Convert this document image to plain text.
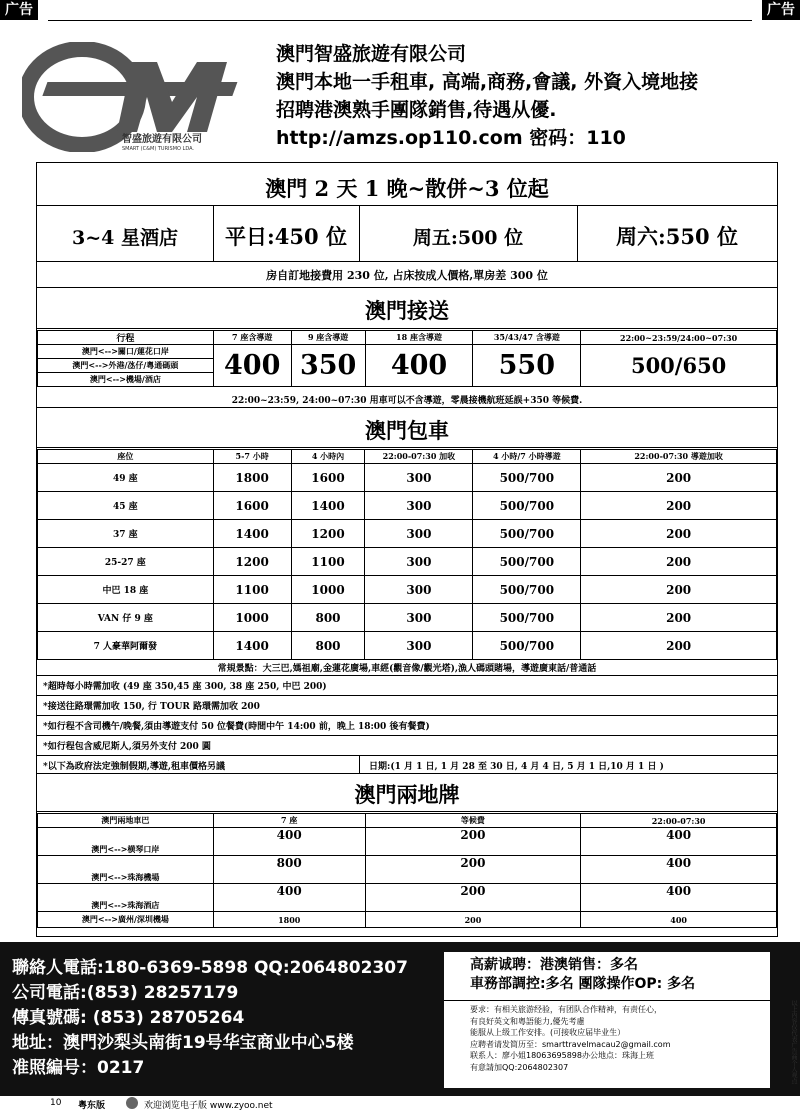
广告	广告
智盛旅遊有限公司
SMART (C&M) TURISMO LDA.
澳門智盛旅遊有限公司
澳門本地一手租車, 高端,商務,會議, 外資入境地接
招聘港澳熟手團隊銷售,待遇从優.
http://amzs.op110.com 密码：110
澳門 2 天 1 晚~散併~3 位起
3~4 星酒店	平日:450 位	周五:500 位	周六:550 位
房自訂地接費用 230 位, 占床按成人價格,單房差 300 位
澳門接送
行程	7 座含導遊	9 座含導遊	18 座含導遊	35/43/47 含導遊	22:00~23:59/24:00~07:30
澳門<-->關口/蓮花口岸	400	350	400	550	500/650
澳門<-->外港/氹仔/粵通碼頭					
澳門<-->機場/酒店					
22:00~23:59, 24:00~07:30 用車可以不含導遊，零晨接機航班延誤+350 等候費.
澳門包車
座位	5-7 小時	4 小時內	22:00-07:30 加收	4 小時/7 小時導遊	22:00-07:30 導遊加收
49 座	1800	1600	300	500/700	200
45 座	1600	1400	300	500/700	200
37 座	1400	1200	300	500/700	200
25-27 座	1200	1100	300	500/700	200
中巴 18 座	1100	1000	300	500/700	200
VAN 仔 9 座	1000	800	300	500/700	200
7 人豪華阿爾發	1400	800	300	500/700	200
常規景點：大三巴,媽祖廟,金蓮花廣場,車經(觀音像/觀光塔),漁人碼頭賭場，導遊廣東話/普通話
*超時每小時需加收 (49 座 350,45 座 300, 38 座 250, 中巴 200)
*接送往路環需加收 150, 行 TOUR 路環需加收 200
*如行程不含司機午/晚餐,須由導遊支付 50 位餐費(時間中午 14:00 前，晚上 18:00 後有餐費)
*如行程包含威尼斯人,須另外支付 200 圓
*以下為政府法定強制假期,導遊,租車價格另議	日期:(1 月 1 日, 1 月 28 至 30 日, 4 月 4 日, 5 月 1 日,10 月 1 日 )
澳門兩地牌
澳門兩地車巴	7 座	等候費	22:00-07:30
澳門<-->横琴口岸	400	200	400
澳門<-->珠海機場	800	200	400
澳門<-->珠海酒店	400	200	400
澳門<-->廣州/深圳機場	1800	200	400
聯絡人電話:180-6369-5898 QQ:2064802307
公司電話:(853) 28257179
傳真號碼: (853) 28705264
地址：澳門沙梨头南街19号华宝商业中心5楼
准照編号：0217
高薪诚聘：港澳销售：多名
車務部調控:多名 團隊操作OP: 多名
要求：有相关旅游经验，有团队合作精神，有责任心，
有良好英文和粵語能力,優先考慮
能服从上级工作安排。(可接收应届毕业生）
应聘者请发简历至：smarttravelmacau2@gmail.com
联系人：廖小姐18063695898办公地点：珠海上班
有意請加QQ:2064802307	以上内容仅代表广告商个人观点
10 粤东版	欢迎浏览电子版 www.zyoo.net
